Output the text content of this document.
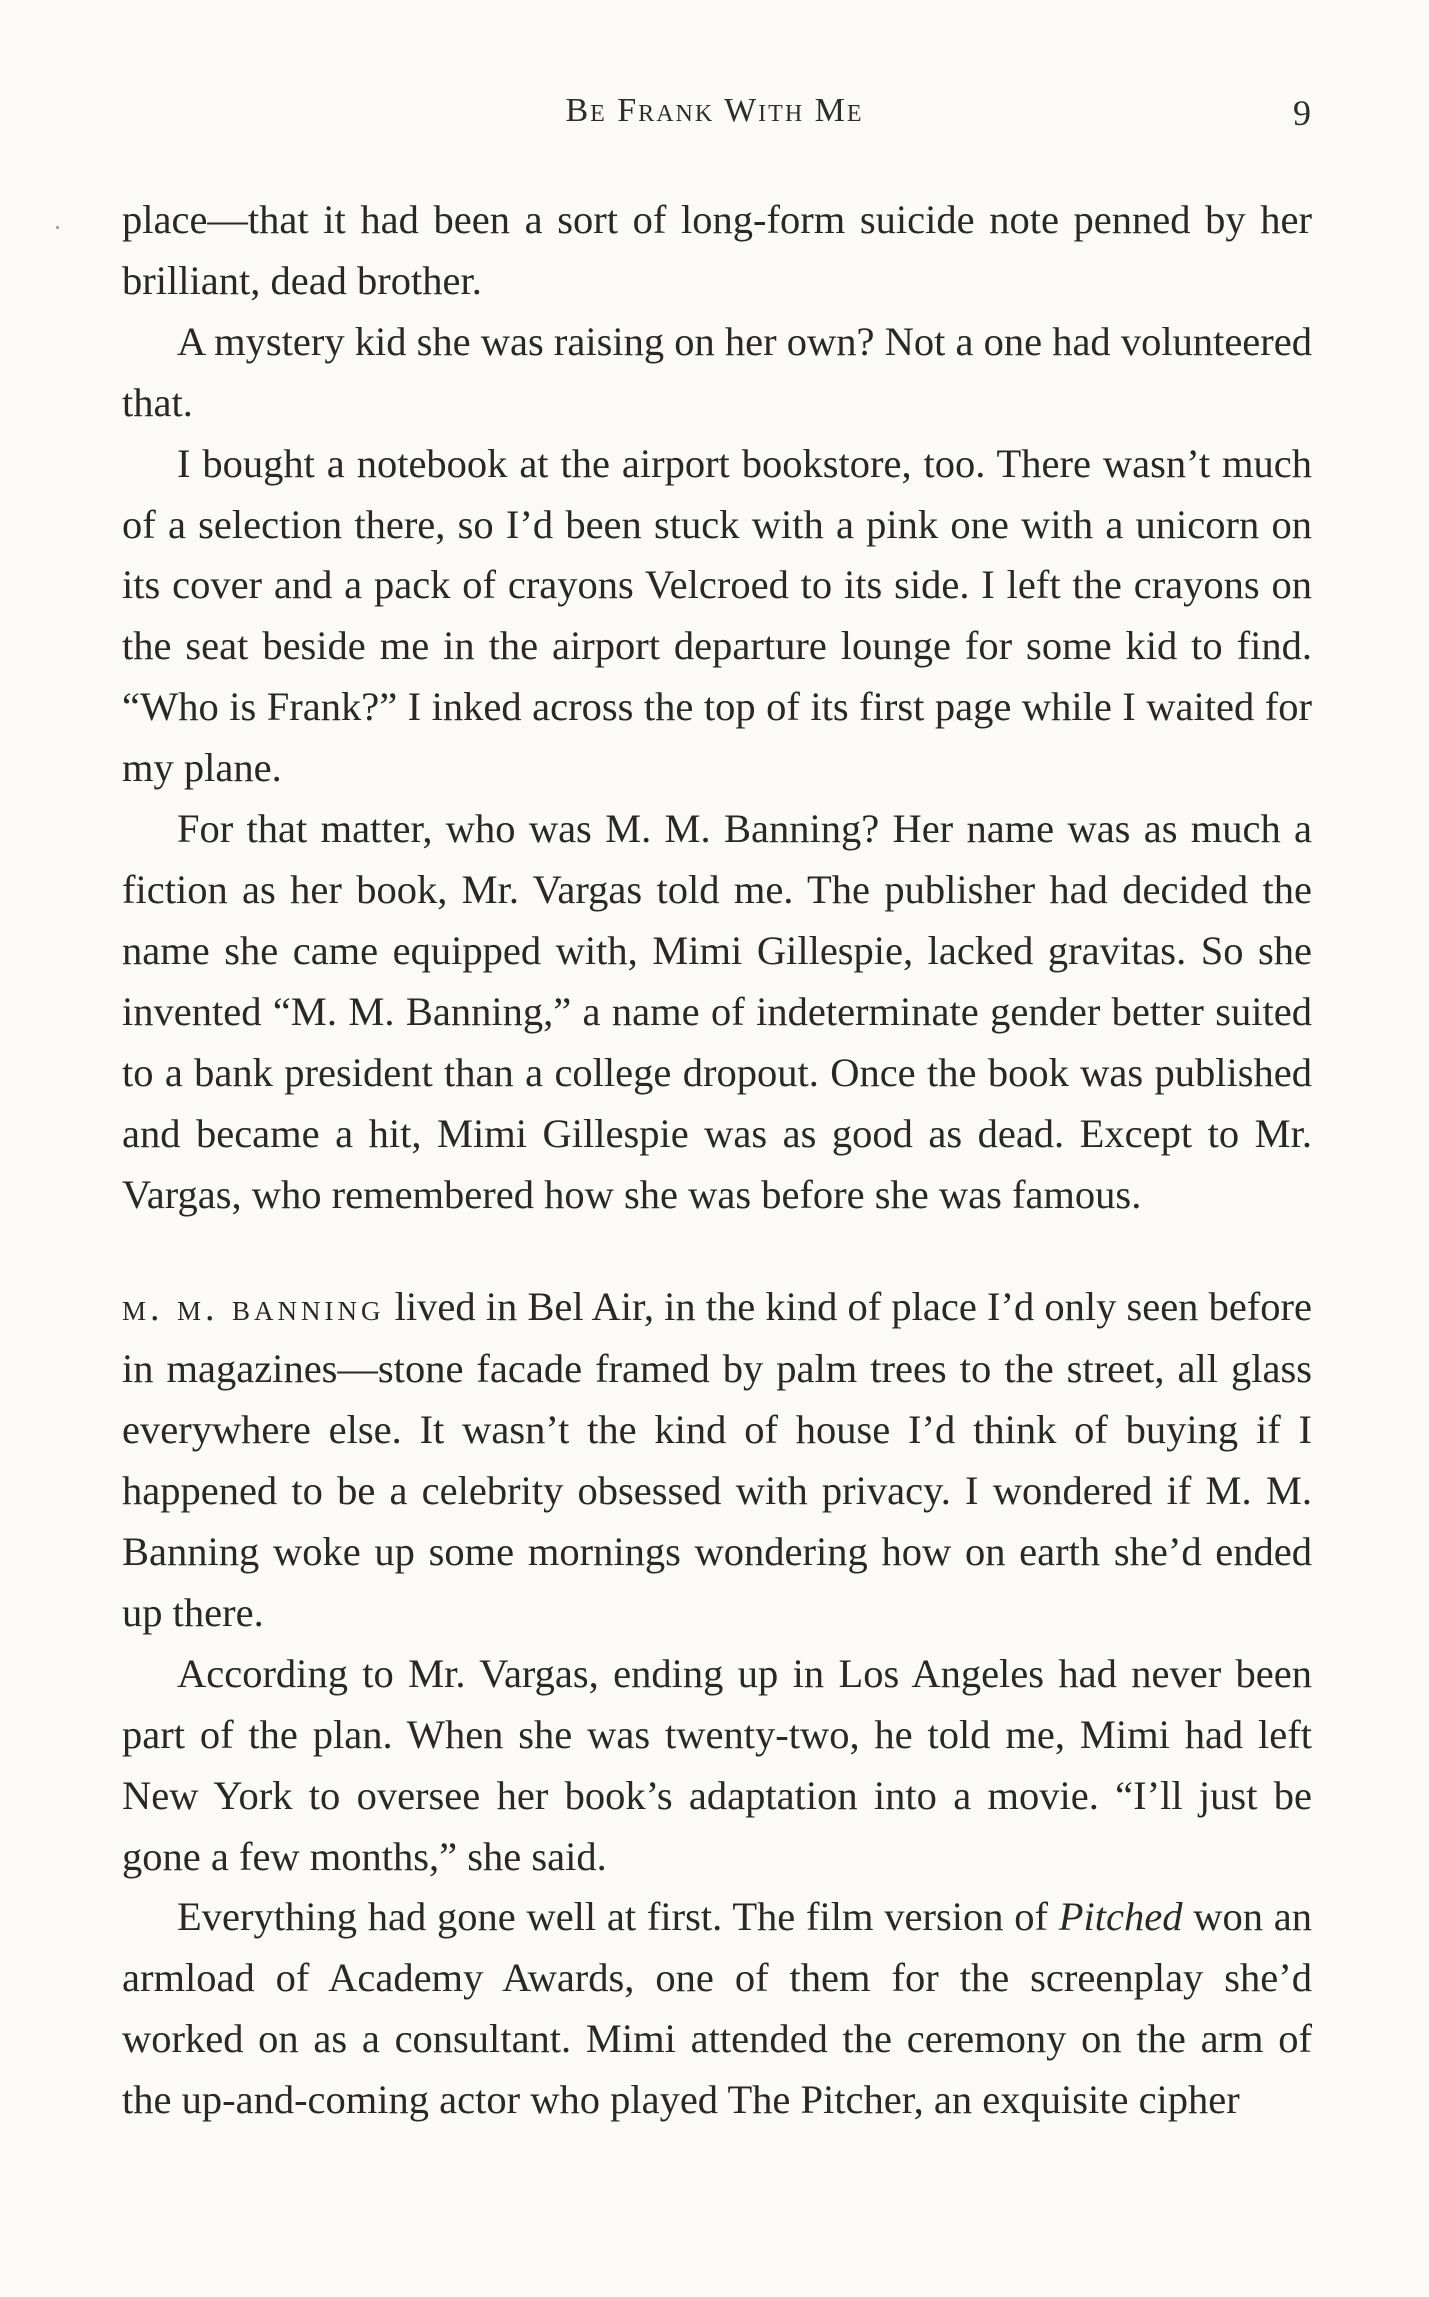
Be Frank With Me	9

place—that it had been a sort of long-form suicide note penned by her brilliant, dead brother.

A mystery kid she was raising on her own? Not a one had volunteered that.

I bought a notebook at the airport bookstore, too. There wasn’t much of a selection there, so I’d been stuck with a pink one with a unicorn on its cover and a pack of crayons Velcroed to its side. I left the crayons on the seat beside me in the airport departure lounge for some kid to find. “Who is Frank?” I inked across the top of its first page while I waited for my plane.

For that matter, who was M. M. Banning? Her name was as much a fiction as her book, Mr. Vargas told me. The publisher had decided the name she came equipped with, Mimi Gillespie, lacked gravitas. So she invented “M. M. Banning,” a name of indeterminate gender better suited to a bank president than a college dropout. Once the book was published and became a hit, Mimi Gillespie was as good as dead. Except to Mr. Vargas, who remembered how she was before she was famous.

m. m. banning lived in Bel Air, in the kind of place I’d only seen before in magazines—stone facade framed by palm trees to the street, all glass everywhere else. It wasn’t the kind of house I’d think of buying if I happened to be a celebrity obsessed with privacy. I wondered if M. M. Banning woke up some mornings wondering how on earth she’d ended up there.

According to Mr. Vargas, ending up in Los Angeles had never been part of the plan. When she was twenty-two, he told me, Mimi had left New York to oversee her book’s adaptation into a movie. “I’ll just be gone a few months,” she said.

Everything had gone well at first. The film version of Pitched won an armload of Academy Awards, one of them for the screenplay she’d worked on as a consultant. Mimi attended the ceremony on the arm of the up-and-coming actor who played The Pitcher, an exquisite cipher
